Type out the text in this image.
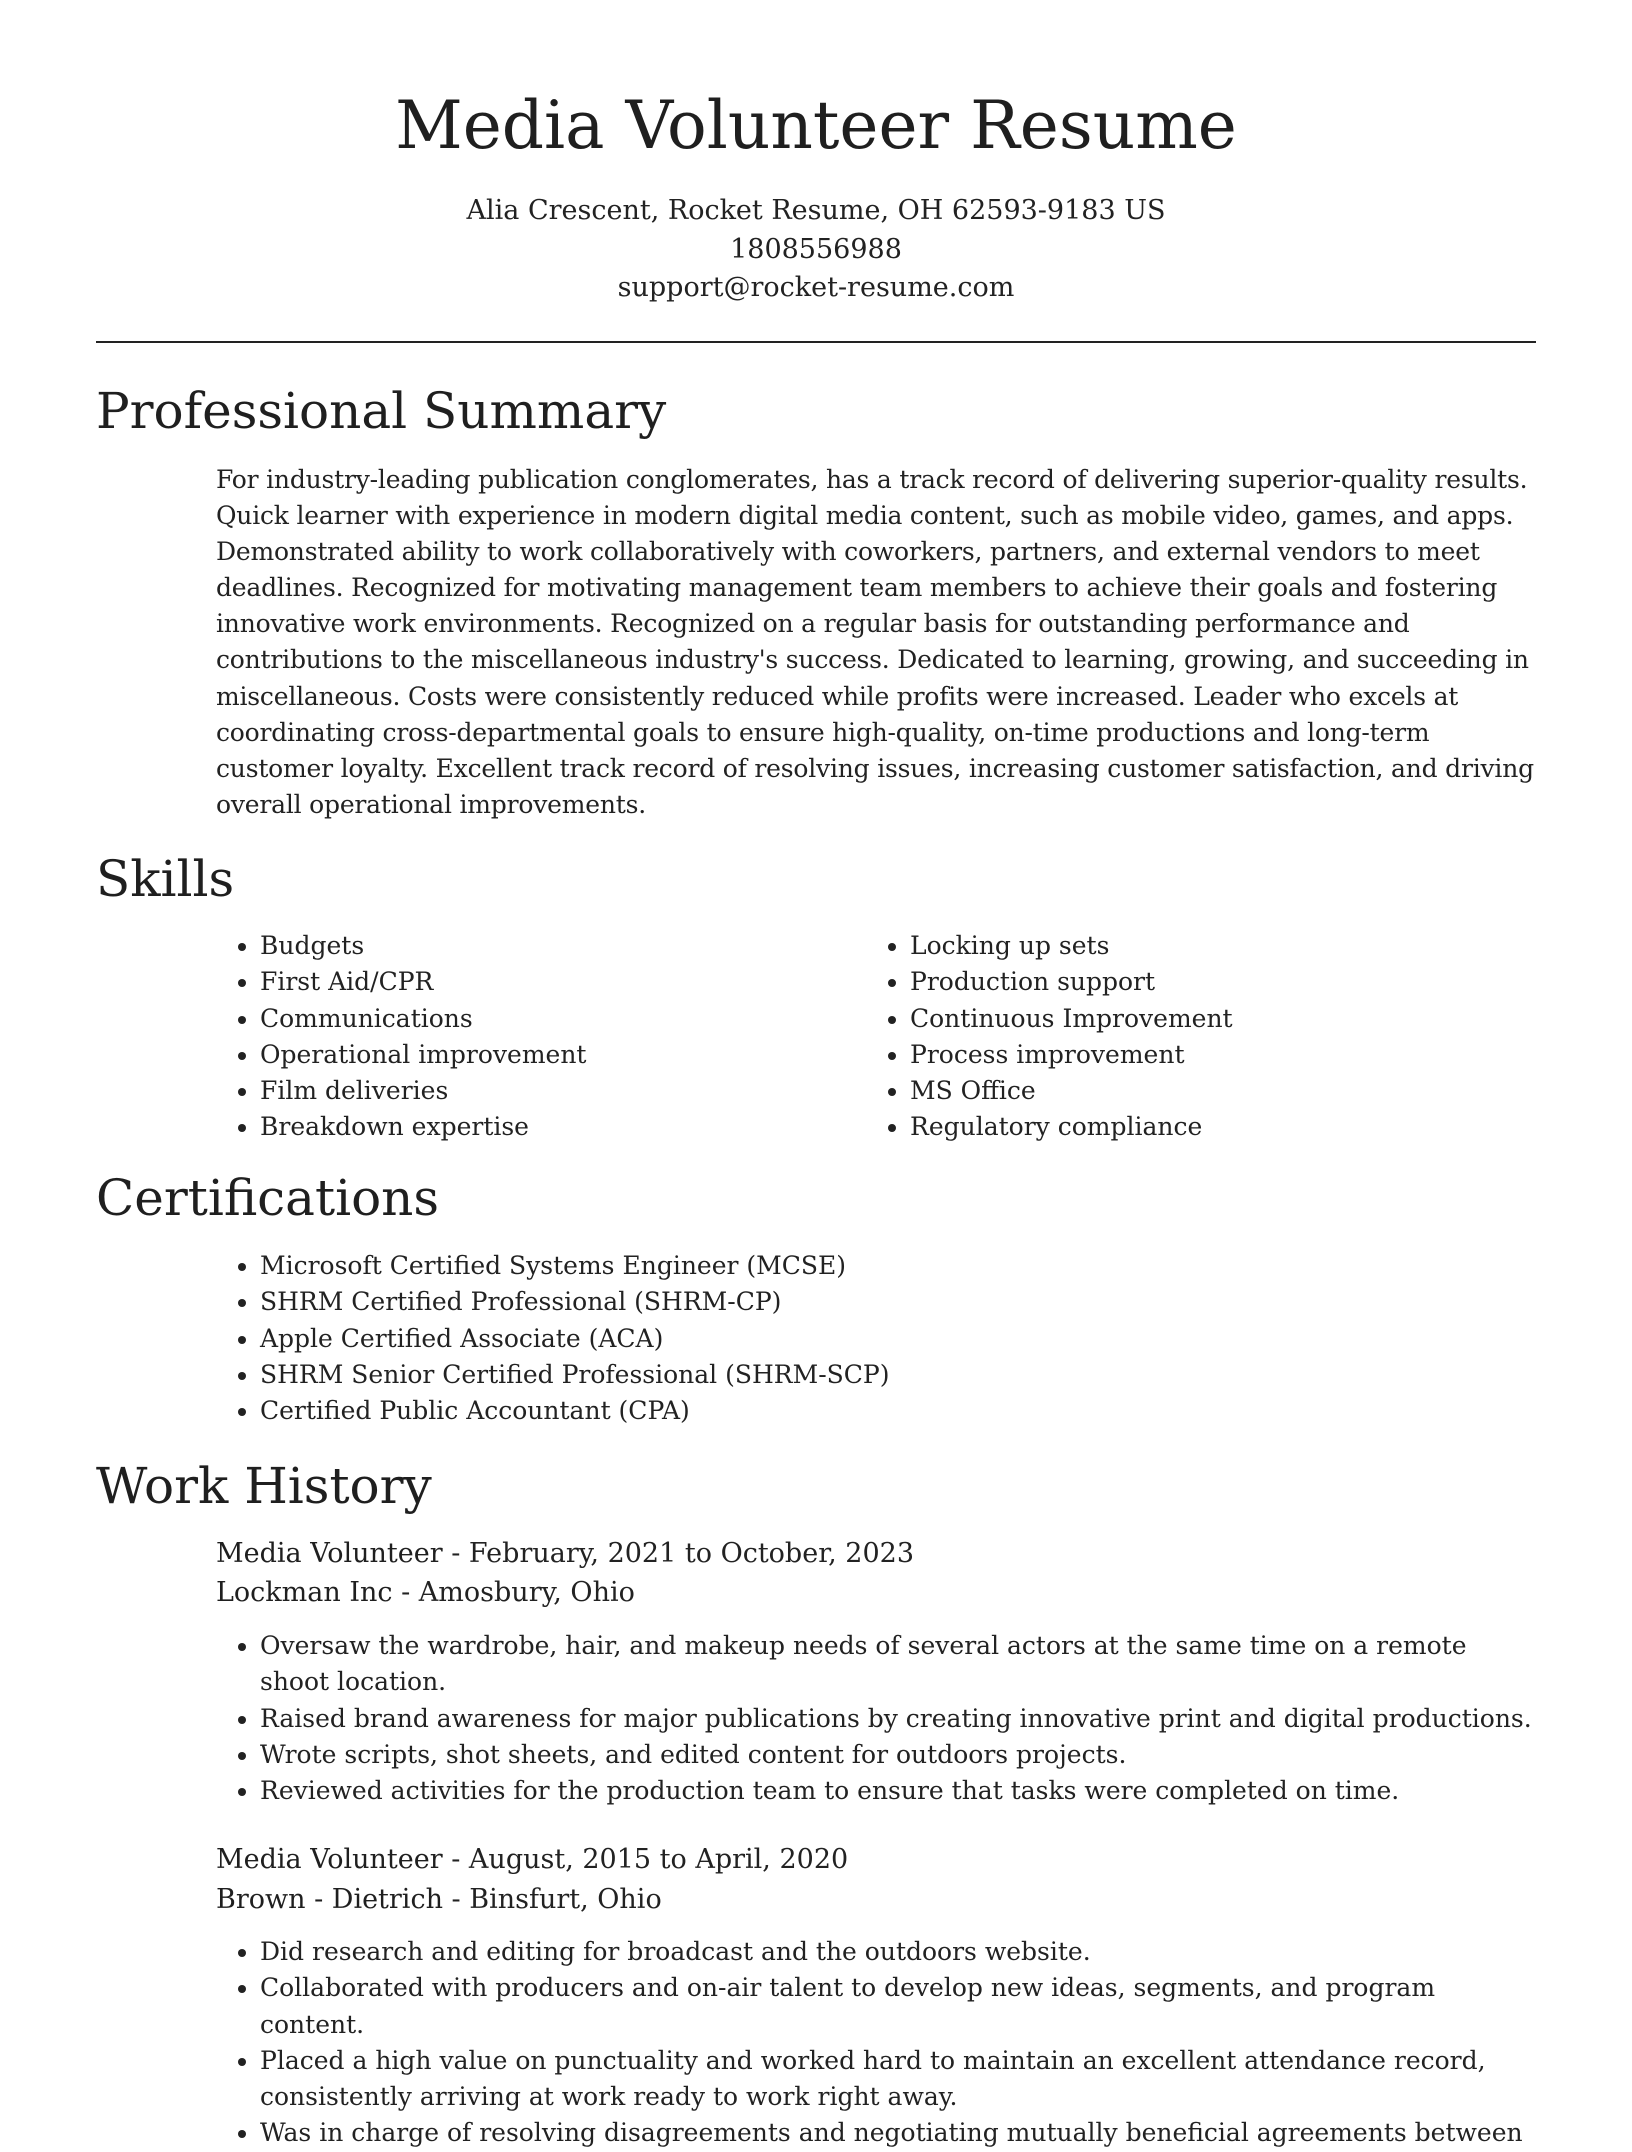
Media Volunteer Resume
Alia Crescent, Rocket Resume, OH 62593-9183 US
1808556988
support@rocket-resume.com
Professional Summary

For industry-leading publication conglomerates, has a track record of delivering superior-quality results. Quick learner with experience in modern digital media content, such as mobile video, games, and apps. Demonstrated ability to work collaboratively with coworkers, partners, and external vendors to meet deadlines. Recognized for motivating management team members to achieve their goals and fostering innovative work environments. Recognized on a regular basis for outstanding performance and contributions to the miscellaneous industry's success. Dedicated to learning, growing, and succeeding in miscellaneous. Costs were consistently reduced while profits were increased. Leader who excels at coordinating cross-departmental goals to ensure high-quality, on-time productions and long-term customer loyalty. Excellent track record of resolving issues, increasing customer satisfaction, and driving overall operational improvements.

Skills
• Budgets
• First Aid/CPR
• Communications
• Operational improvement
• Film deliveries
• Breakdown expertise
• Locking up sets
• Production support
• Continuous Improvement
• Process improvement
• MS Office
• Regulatory compliance
Certifications
• Microsoft Certified Systems Engineer (MCSE)
• SHRM Certified Professional (SHRM-CP)
• Apple Certified Associate (ACA)
• SHRM Senior Certified Professional (SHRM-SCP)
• Certified Public Accountant (CPA)
Work History
Media Volunteer - February, 2021 to October, 2023
Lockman Inc - Amosbury, Ohio
• Oversaw the wardrobe, hair, and makeup needs of several actors at the same time on a remote shoot location.
• Raised brand awareness for major publications by creating innovative print and digital productions.
• Wrote scripts, shot sheets, and edited content for outdoors projects.
• Reviewed activities for the production team to ensure that tasks were completed on time.
Media Volunteer - August, 2015 to April, 2020
Brown - Dietrich - Binsfurt, Ohio
• Did research and editing for broadcast and the outdoors website.
• Collaborated with producers and on-air talent to develop new ideas, segments, and program content.
• Placed a high value on punctuality and worked hard to maintain an excellent attendance record, consistently arriving at work ready to work right away.
• Was in charge of resolving disagreements and negotiating mutually beneficial agreements between
